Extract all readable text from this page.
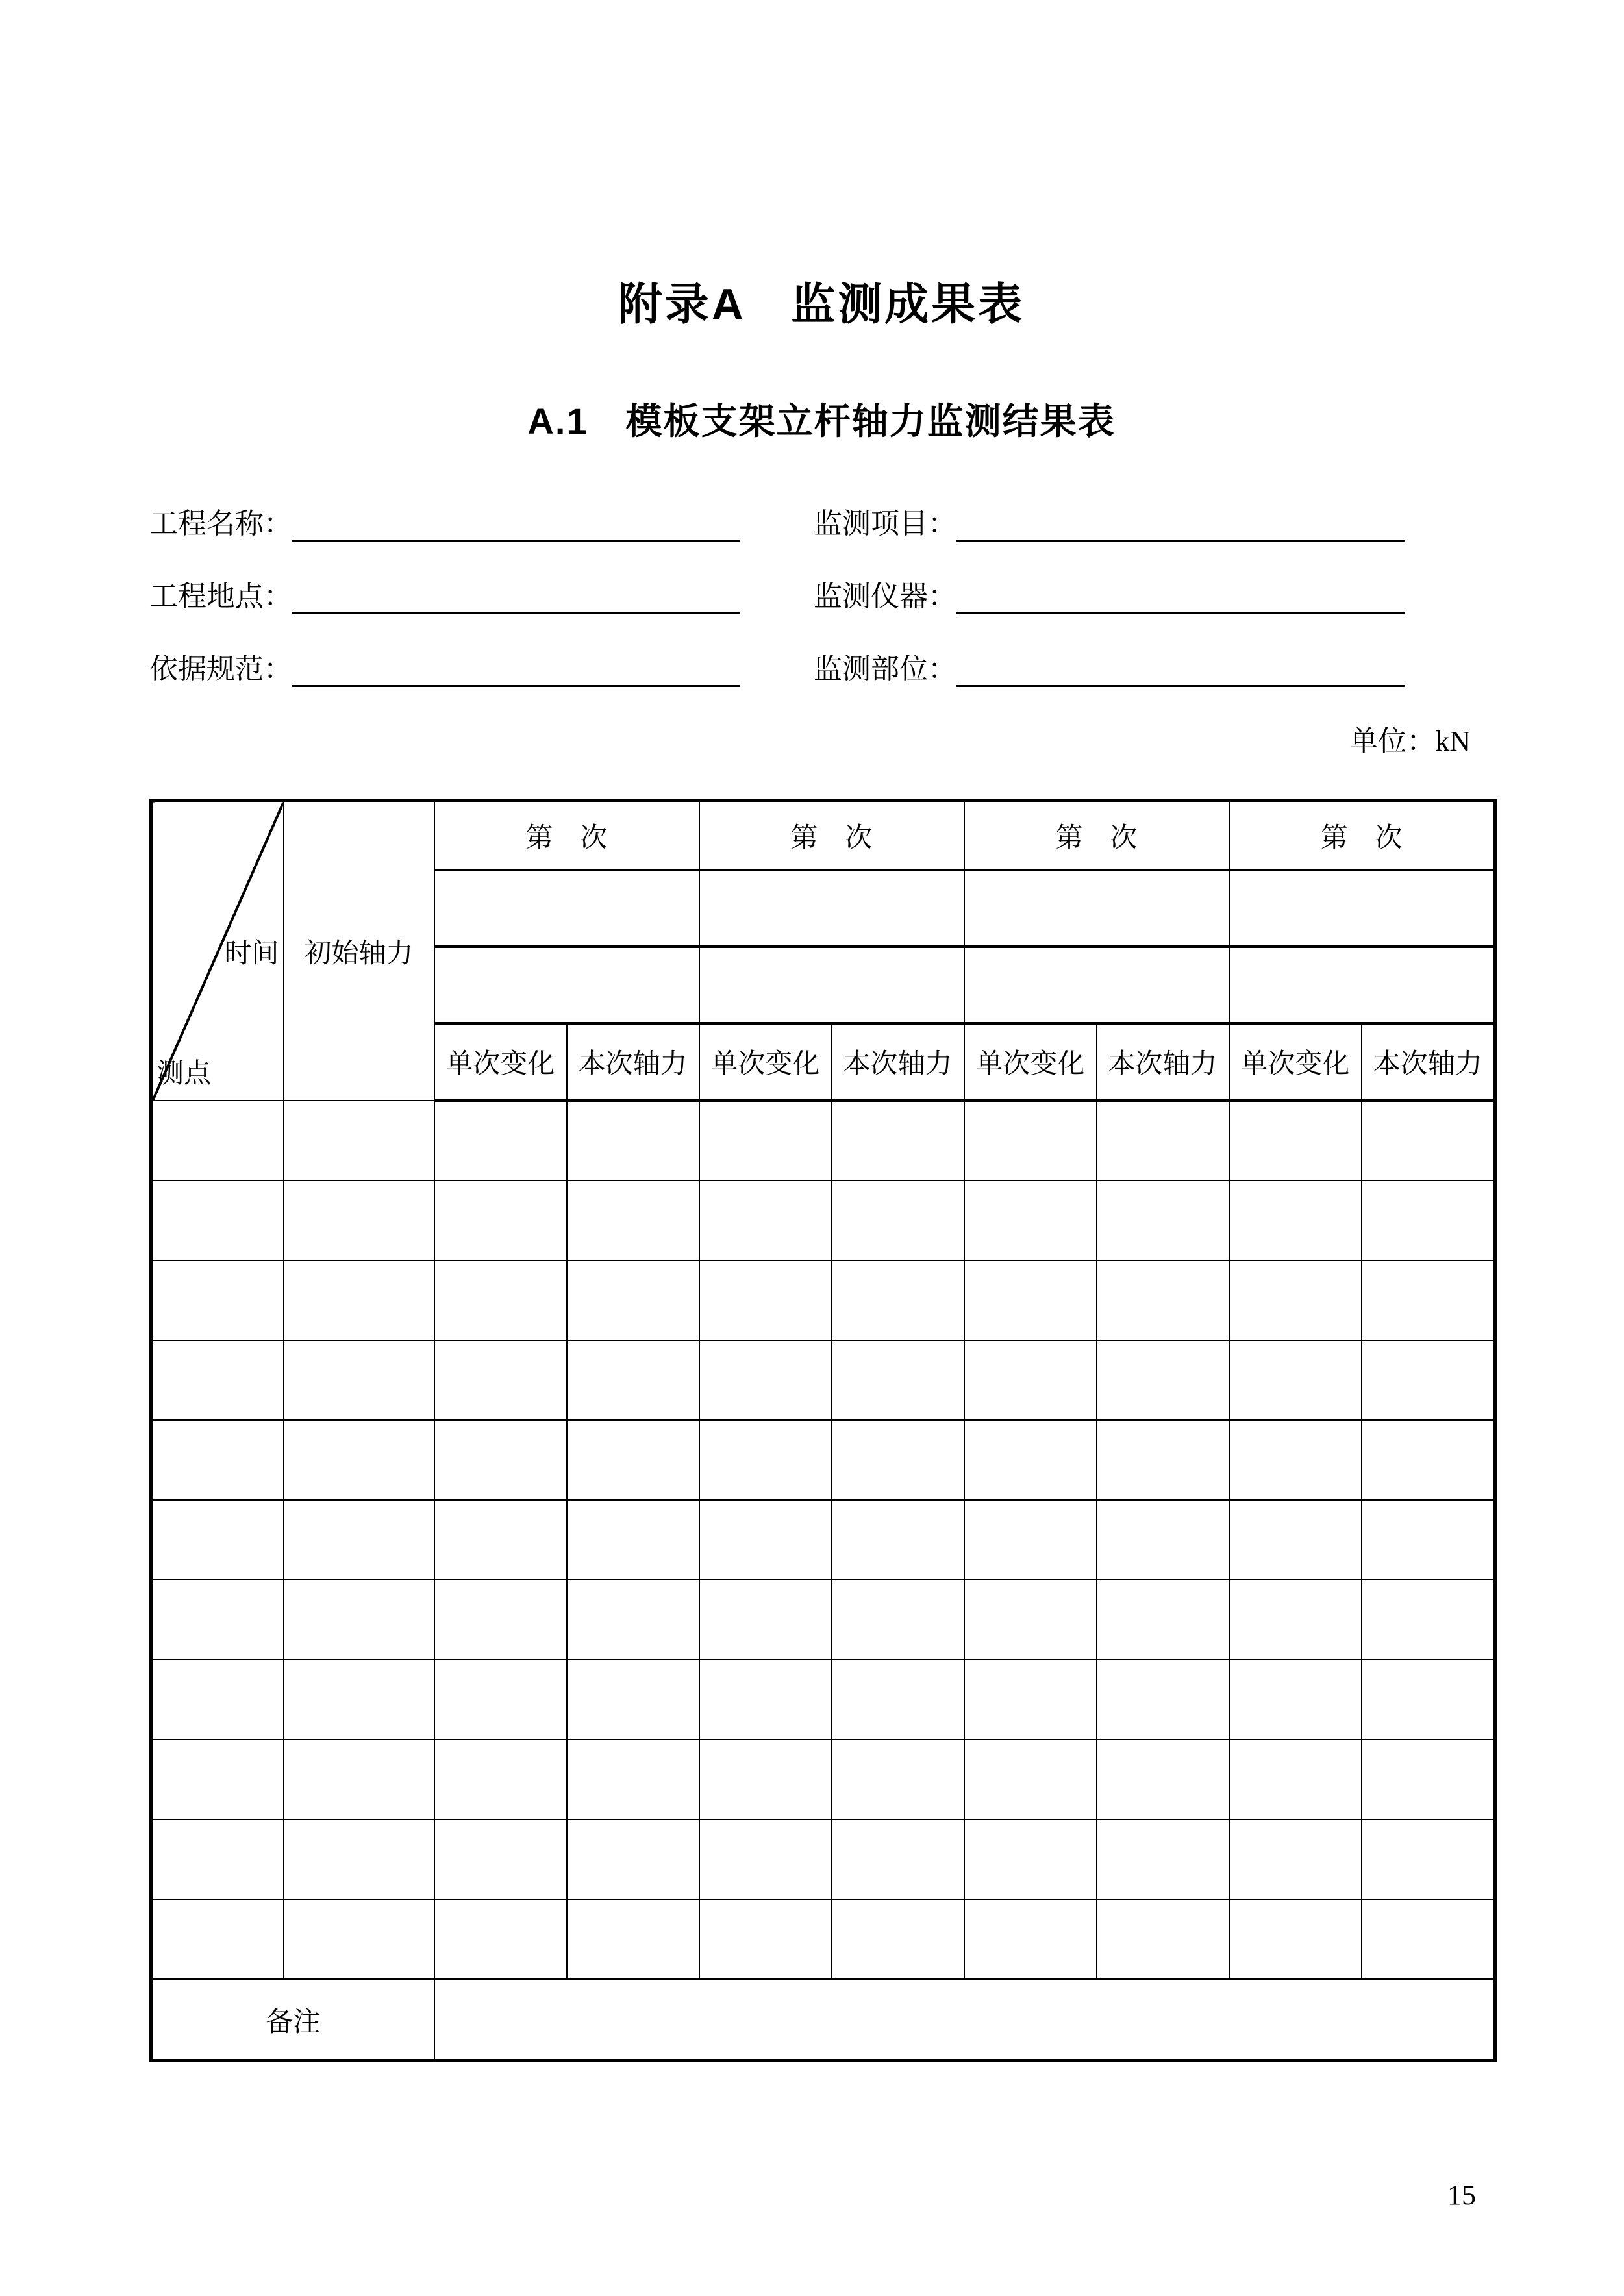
附录A　监测成果表
A.1　模板支架立杆轴力监测结果表
工程名称：	监测项目：
工程地点：	监测仪器：
依据规范：	监测部位：
单位：kN
时间
测点	初始轴力	第　次		第　次		第　次		第　次	

		单次变化	本次轴力	单次变化	本次轴力	单次变化	本次轴力	单次变化	本次轴力

备注									
15
